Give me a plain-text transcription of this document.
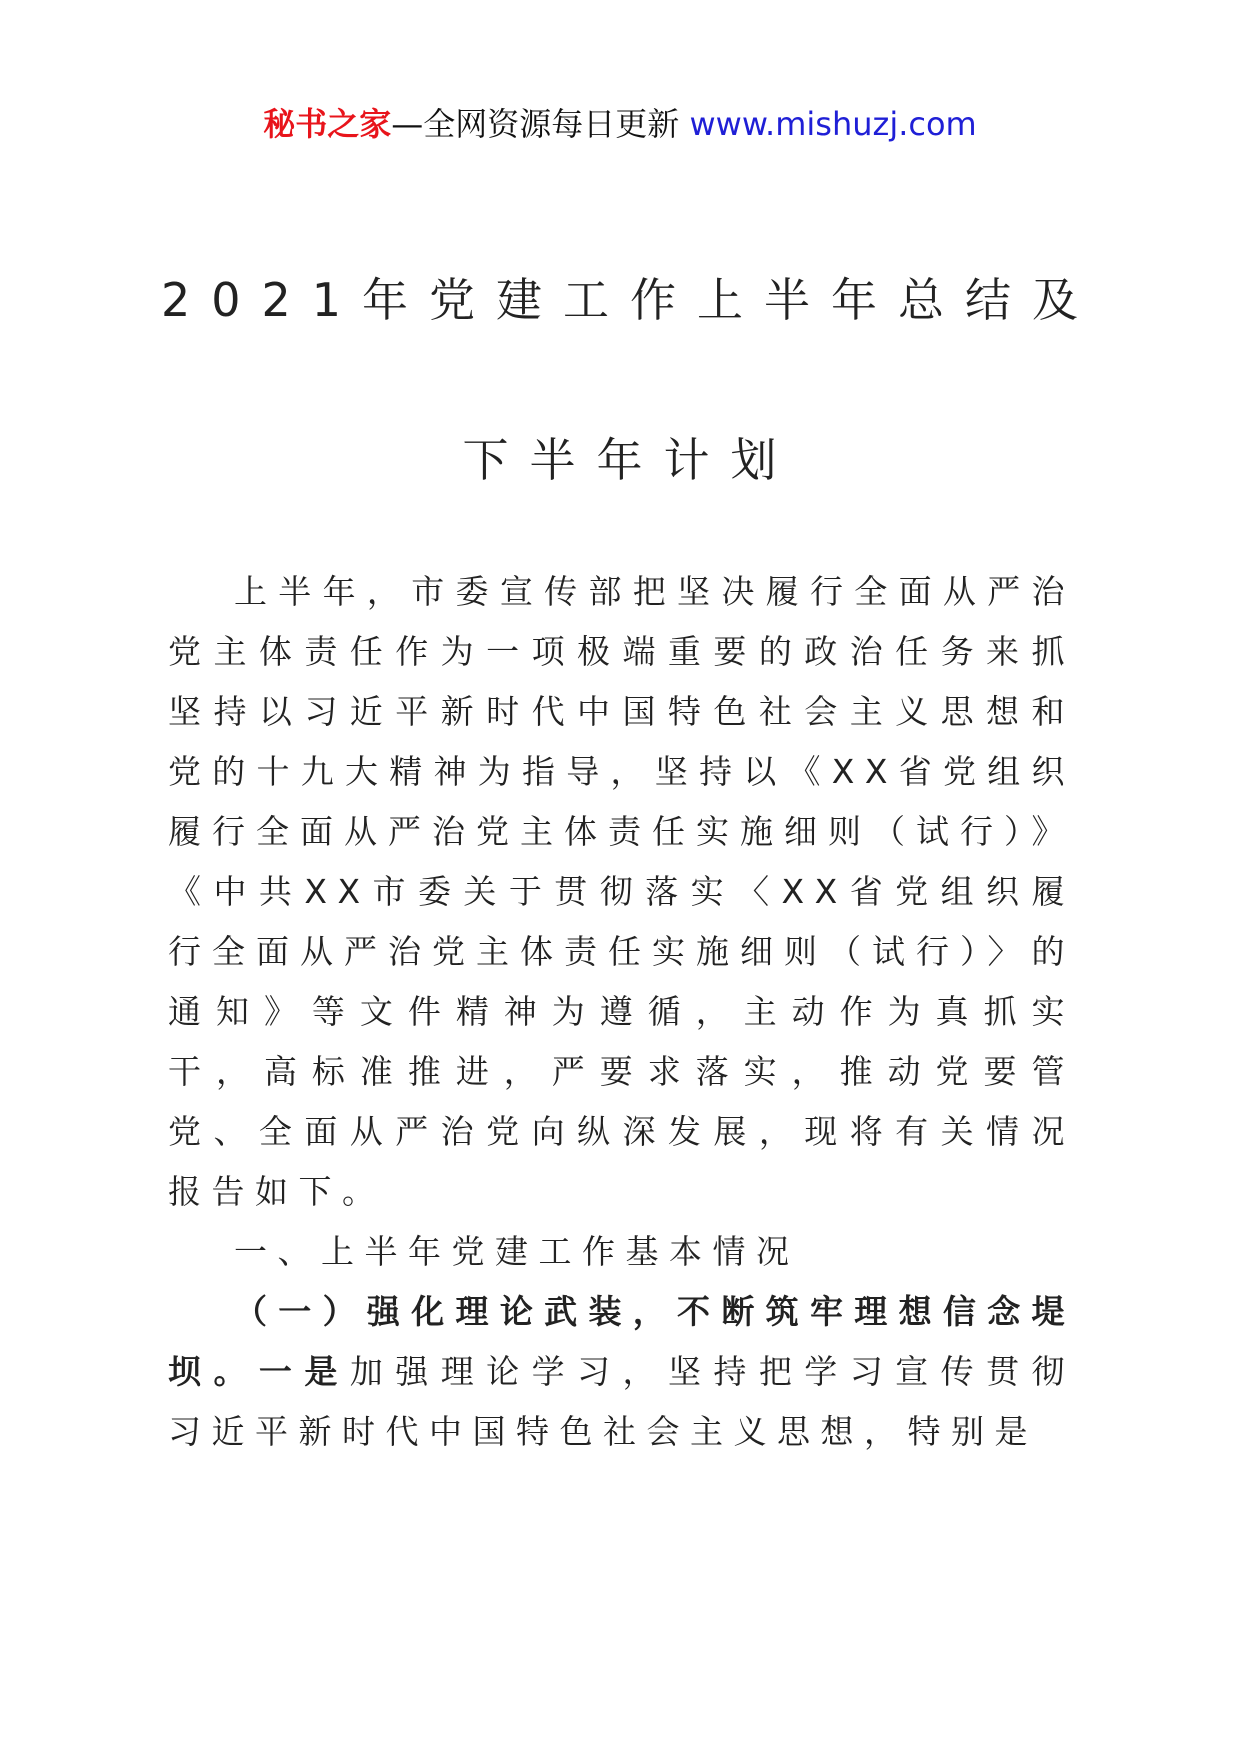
秘书之家—全网资源每日更新 www.mishuzj.com
2021年党建工作上半年总结及
下半年计划

上半年，市委宣传部把坚决履行全面从严治党主体责任作为一项极端重要的政治任务来抓坚持以习近平新时代中国特色社会主义思想和党的十九大精神为指导，坚持以《XX省党组织履行全面从严治党主体责任实施细则（试行）》《中共XX市委关于贯彻落实〈XX省党组织履行全面从严治党主体责任实施细则（试行）〉的通知》等文件精神为遵循，主动作为真抓实干，高标准推进，严要求落实，推动党要管党、全面从严治党向纵深发展，现将有关情况报告如下。

一、上半年党建工作基本情况

（一）强化理论武装，不断筑牢理想信念堤坝。一是加强理论学习，坚持把学习宣传贯彻习近平新时代中国特色社会主义思想，特别是
